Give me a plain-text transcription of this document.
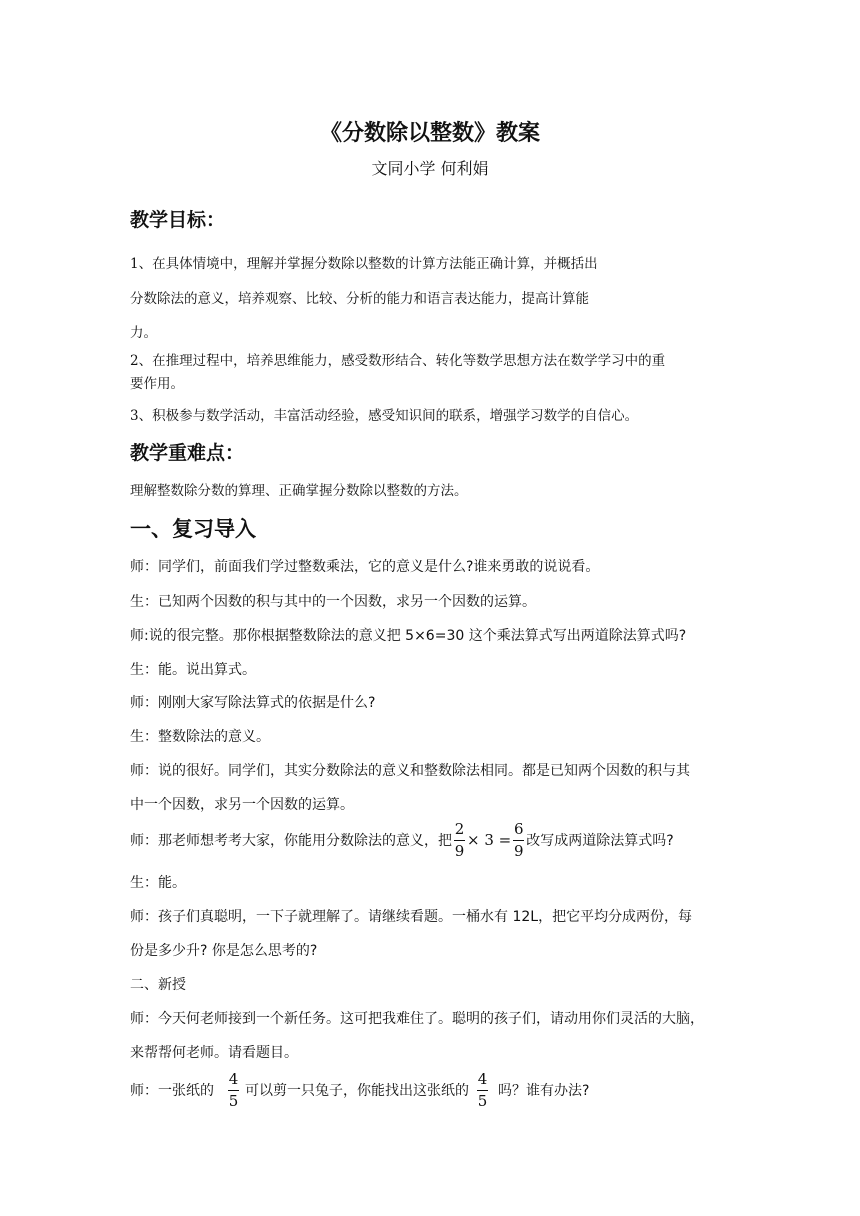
《分数除以整数》教案
文同小学 何利娟
教学目标：
1、在具体情境中，理解并掌握分数除以整数的计算方法能正确计算，并概括出
分数除法的意义，培养观察、比较、分析的能力和语言表达能力，提高计算能
力。
2、在推理过程中，培养思维能力，感受数形结合、转化等数学思想方法在数学学习中的重
要作用。
3、积极参与数学活动，丰富活动经验，感受知识间的联系，增强学习数学的自信心。
教学重难点：
理解整数除分数的算理、正确掌握分数除以整数的方法。
一、复习导入
师：同学们，前面我们学过整数乘法，它的意义是什么?谁来勇敢的说说看。
生：已知两个因数的积与其中的一个因数，求另一个因数的运算。
师:说的很完整。那你根据整数除法的意义把 5×6=30 这个乘法算式写出两道除法算式吗?
生：能。说出算式。
师：刚刚大家写除法算式的依据是什么?
生：整数除法的意义。
师：说的很好。同学们，其实分数除法的意义和整数除法相同。都是已知两个因数的积与其
中一个因数，求另一个因数的运算。
师：那老师想考考大家，你能用分数除法的意义，把 $\frac{2}{9} \times 3 = \frac{6}{9}$ 改写成两道除法算式吗?
生：能。
师：孩子们真聪明，一下子就理解了。请继续看题。一桶水有 12L，把它平均分成两份，每
份是多少升? 你是怎么思考的?
二、新授
师：今天何老师接到一个新任务。这可把我难住了。聪明的孩子们，请动用你们灵活的大脑，
来帮帮何老师。请看题目。
师：一张纸的 $\frac{4}{5}$ 可以剪一只兔子，你能找出这张纸的 $\frac{4}{5}$ 吗？谁有办法?
